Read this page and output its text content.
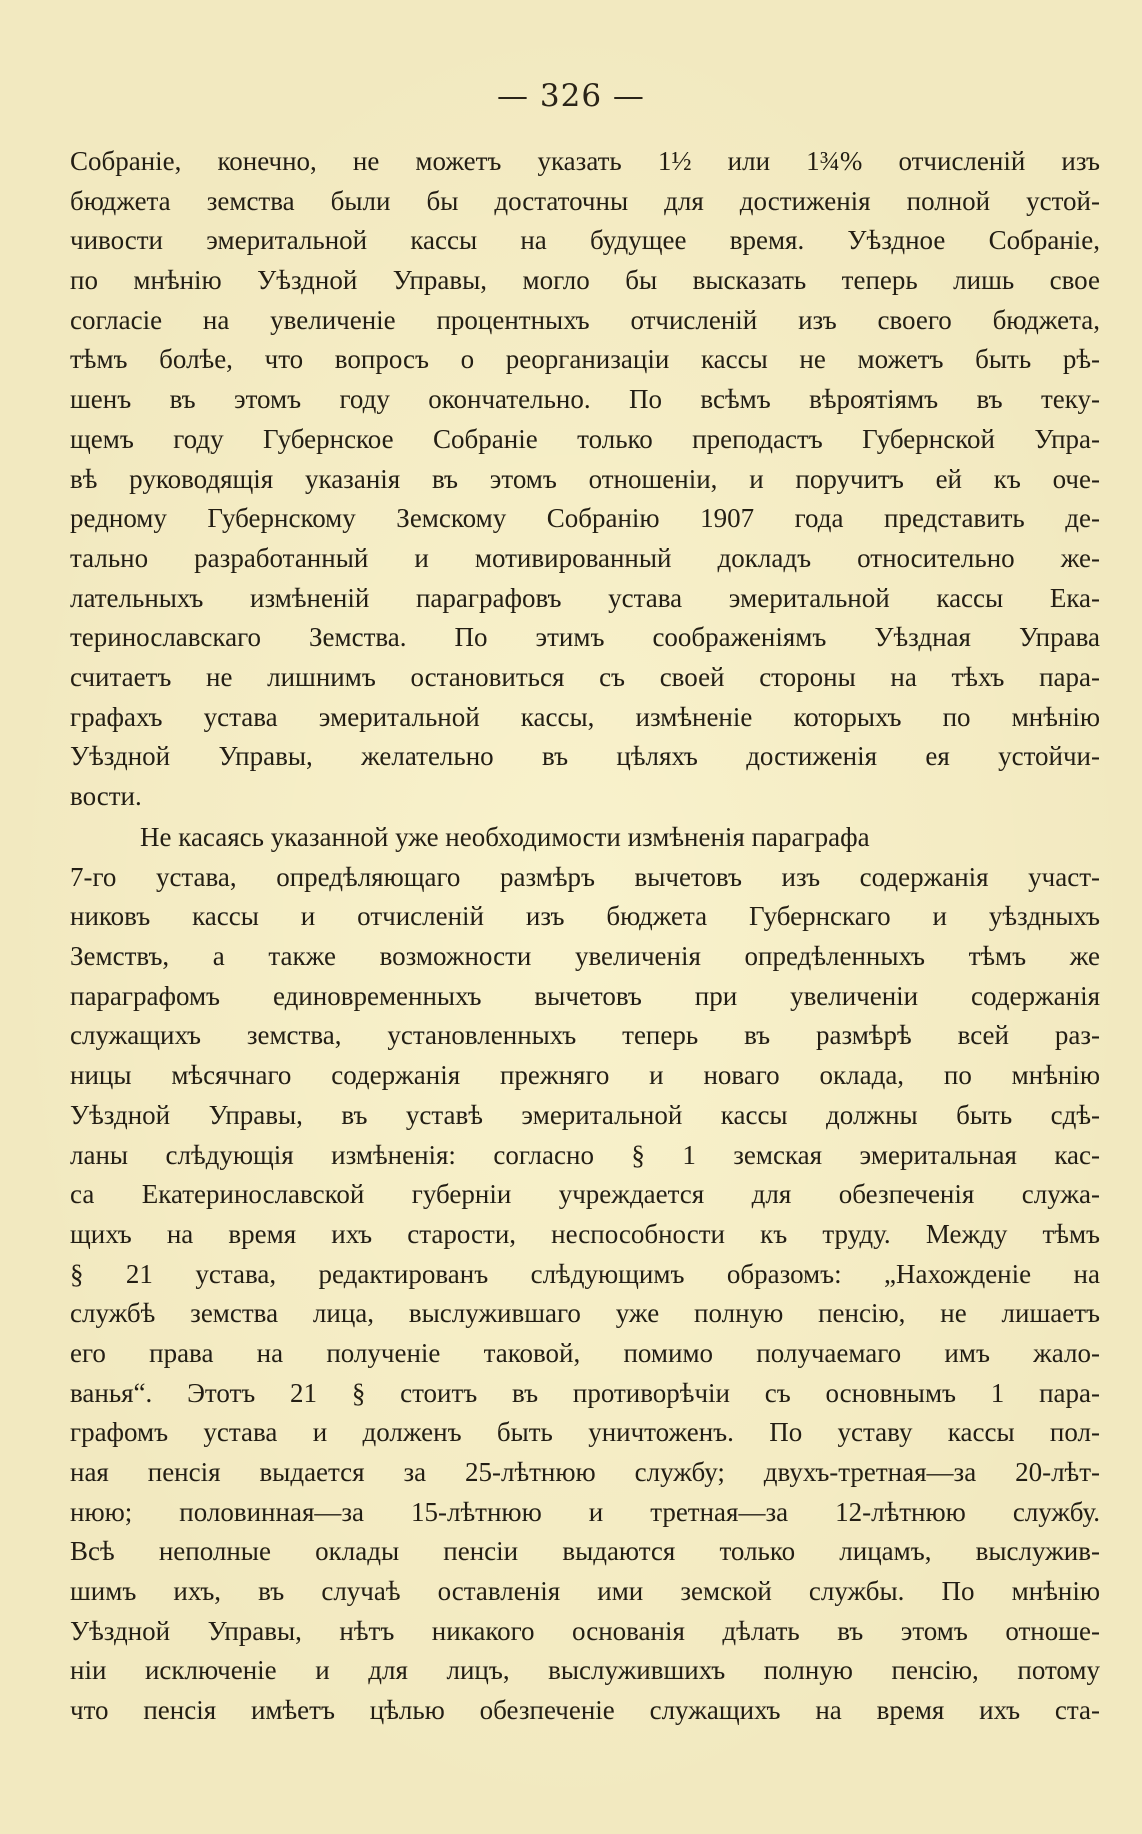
— 326 —
Собраніе, конечно, не можетъ указать 1½ или 1¾% отчисленій изъ
бюджета земства были бы достаточны для достиженія полной устой-
чивости эмеритальной кассы на будущее время. Уѣздное Собраніе,
по мнѣнію Уѣздной Управы, могло бы высказать теперь лишь свое
согласіе на увеличеніе процентныхъ отчисленій изъ своего бюджета,
тѣмъ болѣе, что вопросъ о реорганизаціи кассы не можетъ быть рѣ-
шенъ въ этомъ году окончательно. По всѣмъ вѣроятіямъ въ теку-
щемъ году Губернское Собраніе только преподастъ Губернской Упра-
вѣ руководящія указанія въ этомъ отношеніи, и поручитъ ей къ оче-
редному Губернскому Земскому Собранію 1907 года представить де-
тально разработанный и мотивированный докладъ относительно же-
лательныхъ измѣненій параграфовъ устава эмеритальной кассы Ека-
теринославскаго Земства. По этимъ соображеніямъ Уѣздная Управа
считаетъ не лишнимъ остановиться съ своей стороны на тѣхъ пара-
графахъ устава эмеритальной кассы, измѣненіе которыхъ по мнѣнію
Уѣздной Управы, желательно въ цѣляхъ достиженія ея устойчи-
вости.
Не касаясь указанной уже необходимости измѣненія параграфа
7-го устава, опредѣляющаго размѣръ вычетовъ изъ содержанія участ-
никовъ кассы и отчисленій изъ бюджета Губернскаго и уѣздныхъ
Земствъ, а также возможности увеличенія опредѣленныхъ тѣмъ же
параграфомъ единовременныхъ вычетовъ при увеличеніи содержанія
служащихъ земства, установленныхъ теперь въ размѣрѣ всей раз-
ницы мѣсячнаго содержанія прежняго и новаго оклада, по мнѣнію
Уѣздной Управы, въ уставѣ эмеритальной кассы должны быть сдѣ-
ланы слѣдующія измѣненія: согласно § 1 земская эмеритальная кас-
са Екатеринославской губерніи учреждается для обезпеченія служа-
щихъ на время ихъ старости, неспособности къ труду. Между тѣмъ
§ 21 устава, редактированъ слѣдующимъ образомъ: „Нахожденіе на
службѣ земства лица, выслужившаго уже полную пенсію, не лишаетъ
его права на полученіе таковой, помимо получаемаго имъ жало-
ванья“. Этотъ 21 § стоитъ въ противорѣчіи съ основнымъ 1 пара-
графомъ устава и долженъ быть уничтоженъ. По уставу кассы пол-
ная пенсія выдается за 25-лѣтнюю службу; двухъ-третная—за 20-лѣт-
нюю; половинная—за 15-лѣтнюю и третная—за 12-лѣтнюю службу.
Всѣ неполные оклады пенсіи выдаются только лицамъ, выслужив-
шимъ ихъ, въ случаѣ оставленія ими земской службы. По мнѣнію
Уѣздной Управы, нѣтъ никакого основанія дѣлать въ этомъ отноше-
ніи исключеніе и для лицъ, выслужившихъ полную пенсію, потому
что пенсія имѣетъ цѣлью обезпеченіе служащихъ на время ихъ ста-
